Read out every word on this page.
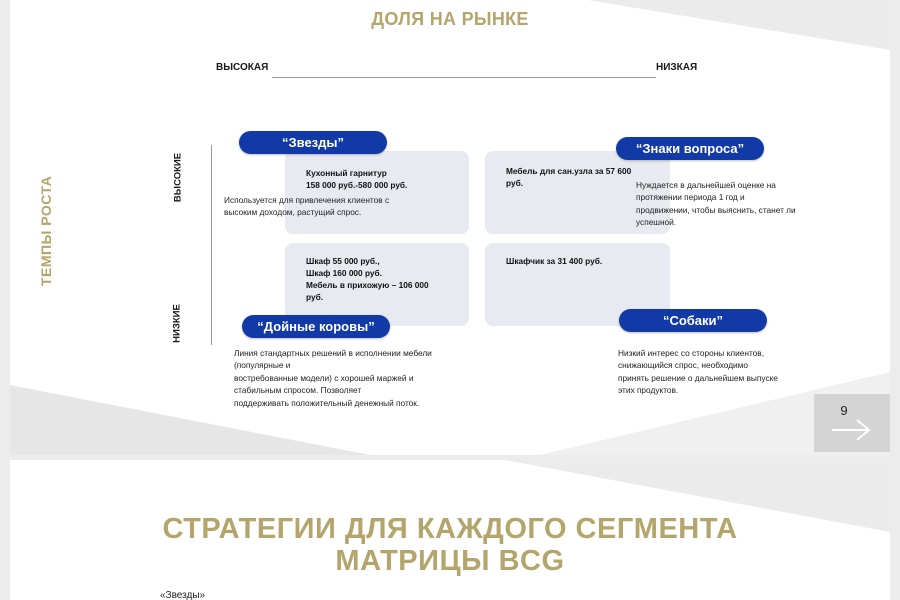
ДОЛЯ НА РЫНКЕ
ВЫСОКАЯ	НИЗКАЯ
ТЕМПЫ РОСТА	ВЫСОКИЕ
НИЗКИЕ
Кухонный гарнитур
158 000 руб.-580 000 руб.
Мебель для сан.узла за 57 600
руб.
Шкаф 55 000 руб.,
Шкаф 160 000 руб.
Мебель в прихожую – 106 000
руб.
Шкафчик за 31 400 руб.
“Звезды”	“Знаки вопроса”
“Дойные коровы”	“Собаки”
Используется для привлечения клиентов с
высоким доходом, растущий спрос.
Нуждается в дальнейшей оценке на
протяжении периода 1 год и
продвижении, чтобы выяснить, станет ли
успешной.
Линия стандартных решений в исполнении мебели
(популярные и
востребованные модели) с хорошей маржей и
стабильным спросом. Позволяет
поддерживать положительный денежный поток.
Низкий интерес со стороны клиентов,
снижающийся спрос, необходимо
принять решение о дальнейшем выпуске
этих продуктов.
9
СТРАТЕГИИ ДЛЯ КАЖДОГО СЕГМЕНТА
МАТРИЦЫ BCG
«Звезды»
